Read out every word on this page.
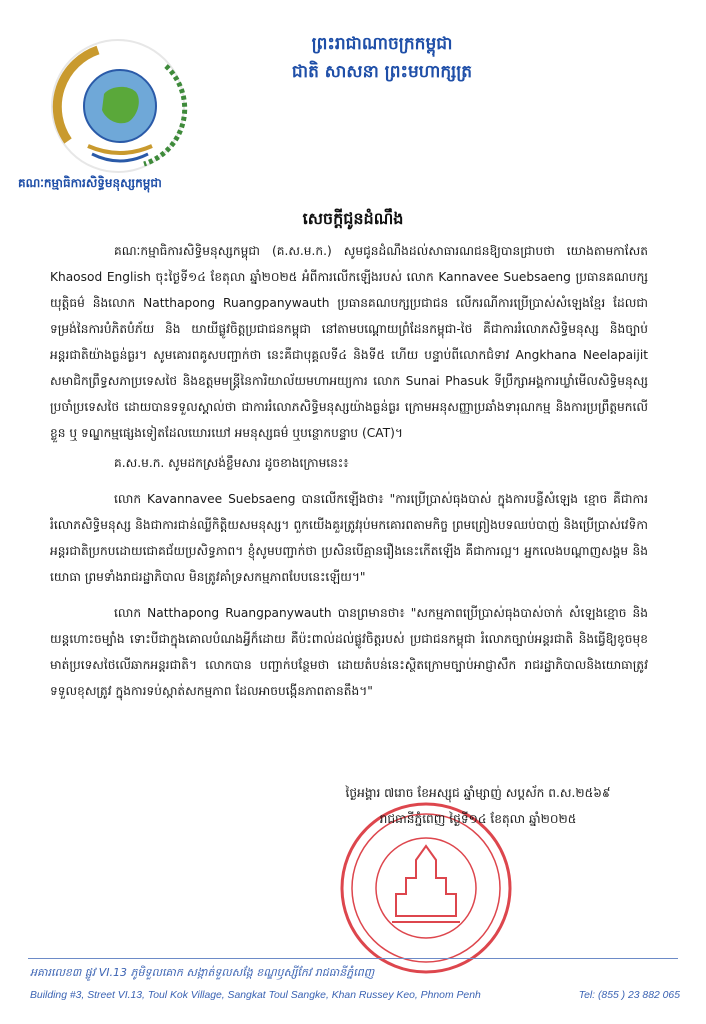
គណៈកម្មាធិការសិទ្ធិមនុស្សកម្ពុជា
ព្រះរាជាណាចក្រកម្ពុជា
ជាតិ សាសនា ព្រះមហាក្សត្រ
សេចក្តីជូនដំណឹង

គណៈកម្មាធិការសិទ្ធិមនុស្សកម្ពុជា (គ.ស.ម.ក.) សូមជូនដំណឹងដល់សាធារណជនឱ្យបានជ្រាបថា យោងតាមកាសែត Khaosod English ចុះថ្ងៃទី១៤ ខែតុលា ឆ្នាំ២០២៥ អំពីការលើកឡើងរបស់ លោក Kannavee Suebsaeng ប្រធានគណបក្សយុត្តិធម៌ និងលោក Natthapong Ruangpanywauth ប្រធានគណបក្សប្រជាជន លើករណីការប្រើប្រាស់សំឡេងខ្មែរ ដែលជាទម្រង់នៃការបំភិតបំភ័យ និង យាយីផ្លូវចិត្តប្រជាជនកម្ពុជា នៅតាមបណ្តោយព្រំដែនកម្ពុជា-ថៃ គឺជាការរំលោភសិទ្ធិមនុស្ស និងច្បាប់ អន្តរជាតិយ៉ាងធ្ងន់ធ្ងរ។ សូមគោរពគូសបញ្ជាក់ថា នេះគឺជាបុគ្គលទី៤ និងទី៥ ហើយ បន្ទាប់ពីលោកជំទាវ Angkhana Neelapaijit សមាជិកព្រឹទ្ធសភាប្រទេសថៃ និងឧត្តមមន្ត្រីនៃការិយាល័យមហាអយ្យការ លោក Sunai Phasuk ទីប្រឹក្សាអង្គការឃ្លាំមើលសិទ្ធិមនុស្សប្រចាំប្រទេសថៃ ដោយបានទទួលស្គាល់ថា ជាការរំលោភសិទ្ធិមនុស្សយ៉ាងធ្ងន់ធ្ងរ ក្រោមអនុសញ្ញាប្រឆាំងទារុណកម្ម និងការប្រព្រឹត្តមកលើខ្លួន ឬ ទណ្ឌកម្មផ្សេងទៀតដែលឃោរឃៅ អមនុស្សធម៌ ឬបន្ថោកបន្ទាប (CAT)។

គ.ស.ម.ក. សូមដកស្រង់ខ្លឹមសារ ដូចខាងក្រោមនេះ៖

លោក Kavannavee Suebsaeng បានលើកឡើងថា៖ "ការប្រើប្រាស់ធុងបាស់ ក្នុងការបន្លឺសំឡេង ខ្មោច គឺជាការរំលោភសិទ្ធិមនុស្ស និងជាការជាន់ឈ្លីកិត្តិយសមនុស្ស។ ពួកយើងគួរត្រូវរុប់មកគោរពតាមកិច្ច ព្រមព្រៀងបទឈប់បាញ់ និងប្រើប្រាស់វេទិកាអន្តរជាតិប្រកបដោយជោគជ័យប្រសិទ្ធភាព។ ខ្ញុំសូមបញ្ជាក់ថា ប្រសិនបើគ្មានរឿងនេះកើតឡើង គឺជាការល្អ។ អ្នកលេងបណ្តាញសង្គម និងយោធា ព្រមទាំងរាជរដ្ឋាភិបាល មិនត្រូវគាំទ្រសកម្មភាពបែបនេះឡើយ។"

លោក Natthapong Ruangpanywauth បានព្រមានថា៖ "សកម្មភាពប្រើប្រាស់ធុងបាស់ចាក់ សំឡេងខ្មោច និងយន្តហោះចម្បាំង ទោះបីជាក្នុងគោលបំណងអ្វីក៏ដោយ គឺប៉ះពាល់ដល់ផ្លូវចិត្តរបស់ ប្រជាជនកម្ពុជា រំលោភច្បាប់អន្តរជាតិ និងធ្វើឱ្យខូចមុខមាត់ប្រទេសថៃលើឆាកអន្តរជាតិ។ លោកបាន បញ្ជាក់បន្ថែមថា ដោយតំបន់នេះស្ថិតក្រោមច្បាប់អាជ្ញាសឹក រាជរដ្ឋាភិបាលនិងយោធាត្រូវទទួលខុសត្រូវ ក្នុងការទប់ស្កាត់សកម្មភាព ដែលអាចបង្កើនភាពតានតឹង។"

ថ្ងៃអង្គារ ៧រោច ខែអស្សុជ ឆ្នាំម្សាញ់ សប្តស័ក ព.ស.២៥៦៩
រាជធានីភ្នំពេញ ថ្ងៃទី១៤ ខែតុលា ឆ្នាំ២០២៥
អគារលេខ៣ ផ្លូវ VI.13 ភូមិទួលគោក សង្កាត់ទួលសង្កែ ខណ្ឌឫស្សីកែវ រាជធានីភ្នំពេញ
Building #3, Street VI.13, Toul Kok Village, Sangkat Toul Sangke, Khan Russey Keo, Phnom Penh	Tel: (855 ) 23 882 065
